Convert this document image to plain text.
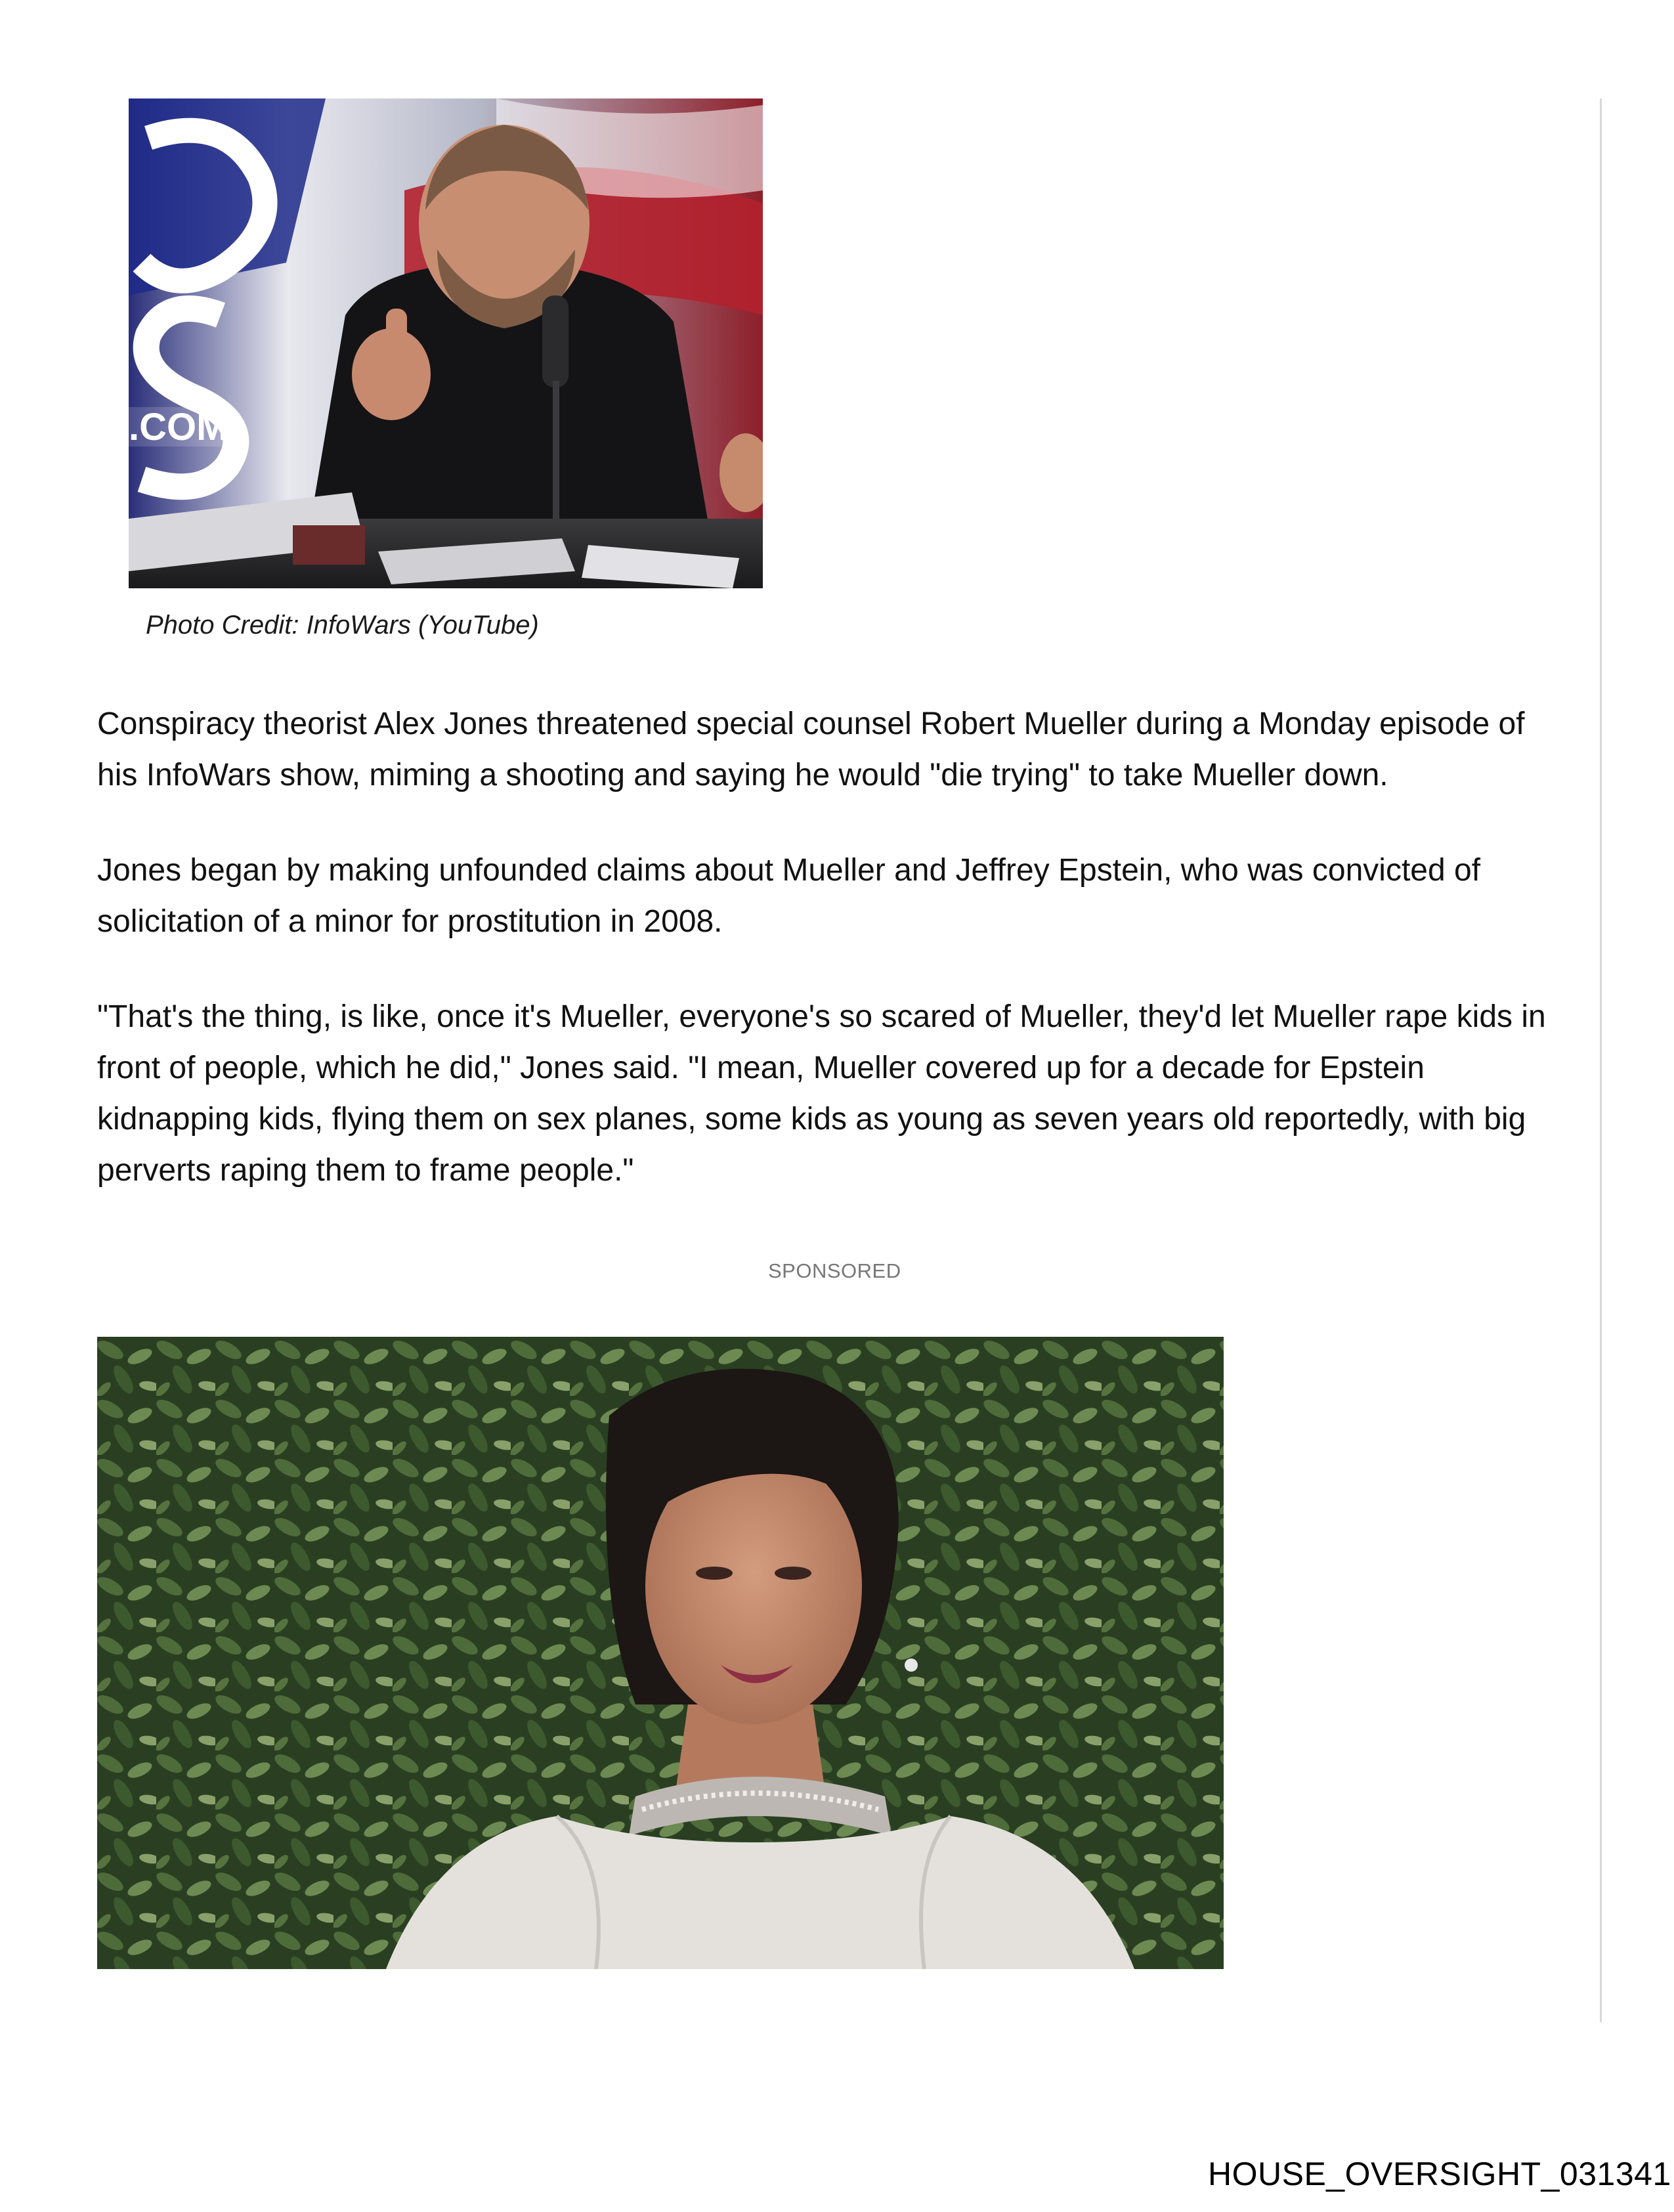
.COM
Photo Credit: InfoWars (YouTube)
Conspiracy theorist Alex Jones threatened special counsel Robert Mueller during a Monday episode of his InfoWars show, miming a shooting and saying he would "die trying" to take Mueller down.
Jones began by making unfounded claims about Mueller and Jeffrey Epstein, who was convicted of solicitation of a minor for prostitution in 2008.
"That's the thing, is like, once it's Mueller, everyone's so scared of Mueller, they'd let Mueller rape kids in front of people, which he did," Jones said. "I mean, Mueller covered up for a decade for Epstein kidnapping kids, flying them on sex planes, some kids as young as seven years old reportedly, with big perverts raping them to frame people."
SPONSORED
HOUSE_OVERSIGHT_031341
